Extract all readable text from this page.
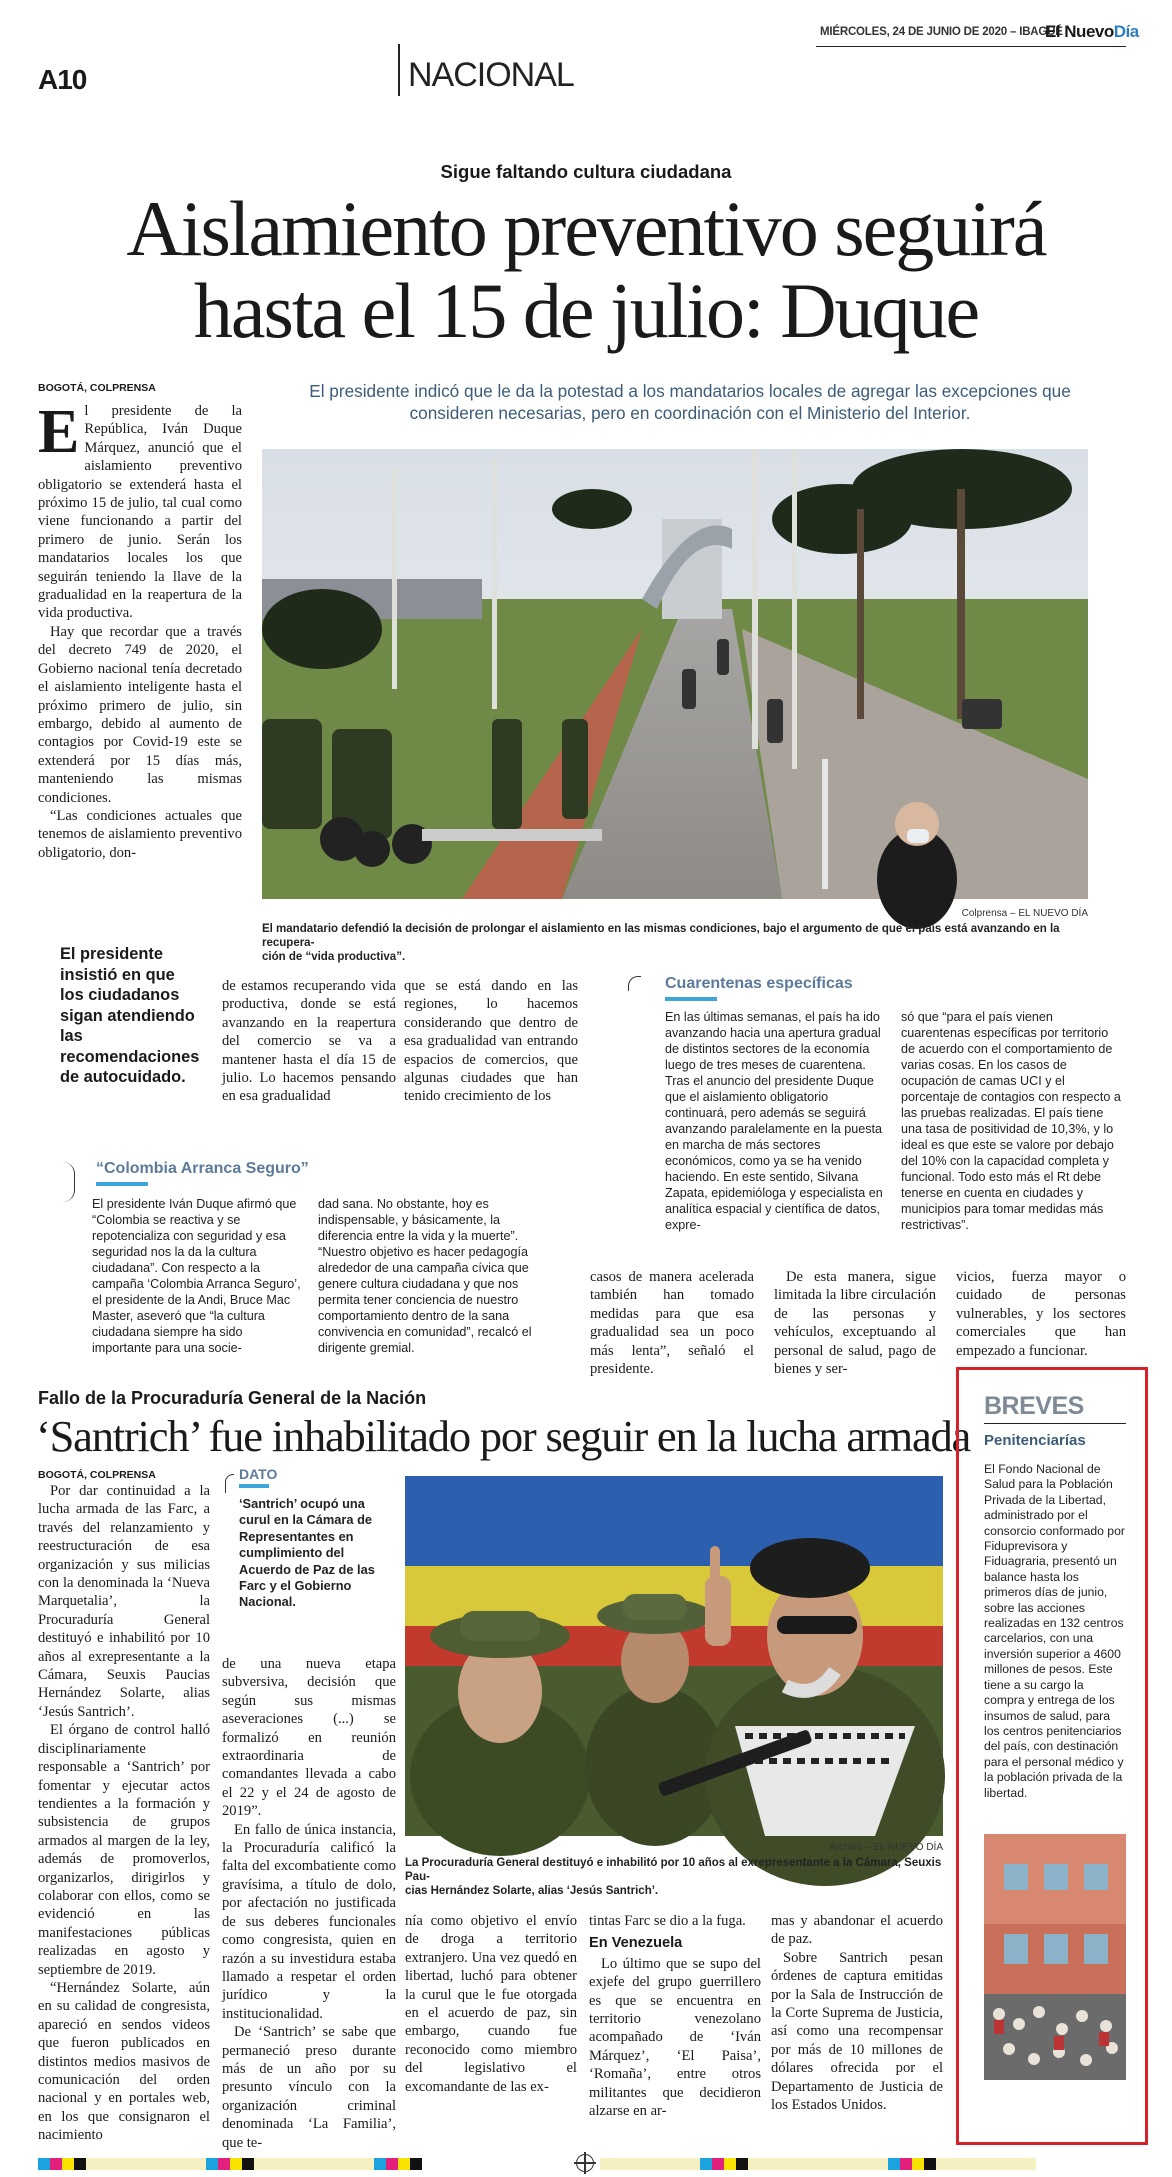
MIÉRCOLES, 24 DE JUNIO DE 2020 – IBAGUÉ
El NuevoDía
A10	NACIONAL
Sigue faltando cultura ciudadana
Aislamiento preventivo seguirá
hasta el 15 de julio: Duque
BOGOTÁ, COLPRENSA	El presidente indicó que le da la potestad a los mandatarios locales de agregar las excepciones que
consideren necesarias, pero en coordinación con el Ministerio del Interior.

El presidente de la República, Iván Duque Márquez, anunció que el aislamiento preventivo obligatorio se extenderá hasta el próximo 15 de julio, tal cual como viene funcionando a partir del primero de junio. Serán los mandatarios locales los que seguirán teniendo la llave de la gradualidad en la reapertura de la vida productiva.

Hay que recordar que a través del decreto 749 de 2020, el Gobierno nacional tenía decretado el aislamiento inteligente hasta el próximo primero de julio, sin embargo, debido al aumento de contagios por Covid-19 este se extenderá por 15 días más, manteniendo las mismas condiciones.

“Las condiciones actuales que tenemos de aislamiento preventivo obligatorio, don-

Colprensa – EL NUEVO DÍA
El mandatario defendió la decisión de prolongar el aislamiento en las mismas condiciones, bajo el argumento de que el país está avanzando en la recupera-
ción de “vida productiva”.
El presidente insistió en que los ciudadanos sigan atendiendo las recomendaciones de autocuidado.

de estamos recuperando vida productiva, donde se está avanzando en la reapertura del comercio se va a mantener hasta el día 15 de julio. Lo hacemos pensando en esa gradualidad

que se está dando en las regiones, lo hacemos considerando que dentro de esa gradualidad van entrando espacios de comercios, que algunas ciudades que han tenido crecimiento de los

Cuarentenas específicas
En las últimas semanas, el país ha ido avanzando hacia una apertura gradual de distintos sectores de la economía luego de tres meses de cuarentena. Tras el anuncio del presidente Duque que el aislamiento obligatorio continuará, pero además se seguirá avanzando paralelamente en la puesta en marcha de más sectores económicos, como ya se ha venido haciendo. En este sentido, Silvana Zapata, epidemióloga y especialista en analítica espacial y científica de datos, expre-
só que “para el país vienen cuarentenas específicas por territorio de acuerdo con el comportamiento de varias cosas. En los casos de ocupación de camas UCI y el porcentaje de contagios con respecto a las pruebas realizadas. El país tiene una tasa de positividad de 10,3%, y lo ideal es que este se valore por debajo del 10% con la capacidad completa y funcional. Todo esto más el Rt debe tenerse en cuenta en ciudades y municipios para tomar medidas más restrictivas”.
“Colombia Arranca Seguro”
El presidente Iván Duque afirmó que “Colombia se reactiva y se repotencializa con seguridad y esa seguridad nos la da la cultura ciudadana”. Con respecto a la campaña ‘Colombia Arranca Seguro’, el presidente de la Andi, Bruce Mac Master, aseveró que “la cultura ciudadana siempre ha sido importante para una socie-
dad sana. No obstante, hoy es indispensable, y básicamente, la diferencia entre la vida y la muerte”. “Nuestro objetivo es hacer pedagogía alrededor de una campaña cívica que genere cultura ciudadana y que nos permita tener conciencia de nuestro comportamiento dentro de la sana convivencia en comunidad”, recalcó el dirigente gremial.

casos de manera acelerada también han tomado medidas para que esa gradualidad sea un poco más lenta”, señaló el presidente.

De esta manera, sigue limitada la libre circulación de las personas y vehículos, exceptuando al personal de salud, pago de bienes y ser-

vicios, fuerza mayor o cuidado de personas vulnerables, y los sectores comerciales que han empezado a funcionar.

Fallo de la Procuraduría General de la Nación
‘Santrich’ fue inhabilitado por seguir en la lucha armada
BOGOTÁ, COLPRENSA

Por dar continuidad a la lucha armada de las Farc, a través del relanzamiento y reestructuración de esa organización y sus milicias con la denominada la ‘Nueva Marquetalia’, la Procuraduría General destituyó e inhabilitó por 10 años al exrepresentante a la Cámara, Seuxis Paucias Hernández Solarte, alias ‘Jesús Santrich’.

El órgano de control halló disciplinariamente responsable a ‘Santrich’ por fomentar y ejecutar actos tendientes a la formación y subsistencia de grupos armados al margen de la ley, además de promoverlos, organizarlos, dirigirlos y colaborar con ellos, como se evidenció en las manifestaciones públicas realizadas en agosto y septiembre de 2019.

“Hernández Solarte, aún en su calidad de congresista, apareció en sendos videos que fueron publicados en distintos medios masivos de comunicación del orden nacional y en portales web, en los que consignaron el nacimiento

DATO
‘Santrich’ ocupó una curul en la Cámara de Representantes en cumplimiento del Acuerdo de Paz de las Farc y el Gobierno Nacional.

de una nueva etapa subversiva, decisión que según sus mismas aseveraciones (...) se formalizó en reunión extraordinaria de comandantes llevada a cabo el 22 y el 24 de agosto de 2019”.

En fallo de única instancia, la Procuraduría calificó la falta del excombatiente como gravísima, a título de dolo, por afectación no justificada de sus deberes funcionales como congresista, quien en razón a su investidura estaba llamado a respetar el orden jurídico y la institucionalidad.

De ‘Santrich’ se sabe que permaneció preso durante más de un año por su presunto vínculo con la organización criminal denominada ‘La Familia’, que te-

Archivo – EL NUEVO DÍA
La Procuraduría General destituyó e inhabilitó por 10 años al exrepresentante a la Cámara, Seuxis Pau-
cias Hernández Solarte, alias ‘Jesús Santrich’.

nía como objetivo el envío de droga a territorio extranjero. Una vez quedó en libertad, luchó para obtener la curul que le fue otorgada en el acuerdo de paz, sin embargo, cuando fue reconocido como miembro del legislativo el excomandante de las ex-

tintas Farc se dio a la fuga.

En Venezuela

Lo último que se supo del exjefe del grupo guerrillero es que se encuentra en territorio venezolano acompañado de ‘Iván Márquez’, ‘El Paisa’, ‘Romaña’, entre otros militantes que decidieron alzarse en ar-

mas y abandonar el acuerdo de paz.

Sobre Santrich pesan órdenes de captura emitidas por la Sala de Instrucción de la Corte Suprema de Justicia, así como una recompensar por más de 10 millones de dólares ofrecida por el Departamento de Justicia de los Estados Unidos.

BREVES
Penitenciarías
El Fondo Nacional de Salud para la Población Privada de la Libertad, administrado por el consorcio conformado por Fiduprevisora y Fiduagraria, presentó un balance hasta los primeros días de junio, sobre las acciones realizadas en 132 centros carcelarios, con una inversión superior a 4600 millones de pesos. Este tiene a su cargo la compra y entrega de los insumos de salud, para los centros penitenciarios del país, con destinación para el personal médico y la población privada de la libertad.
